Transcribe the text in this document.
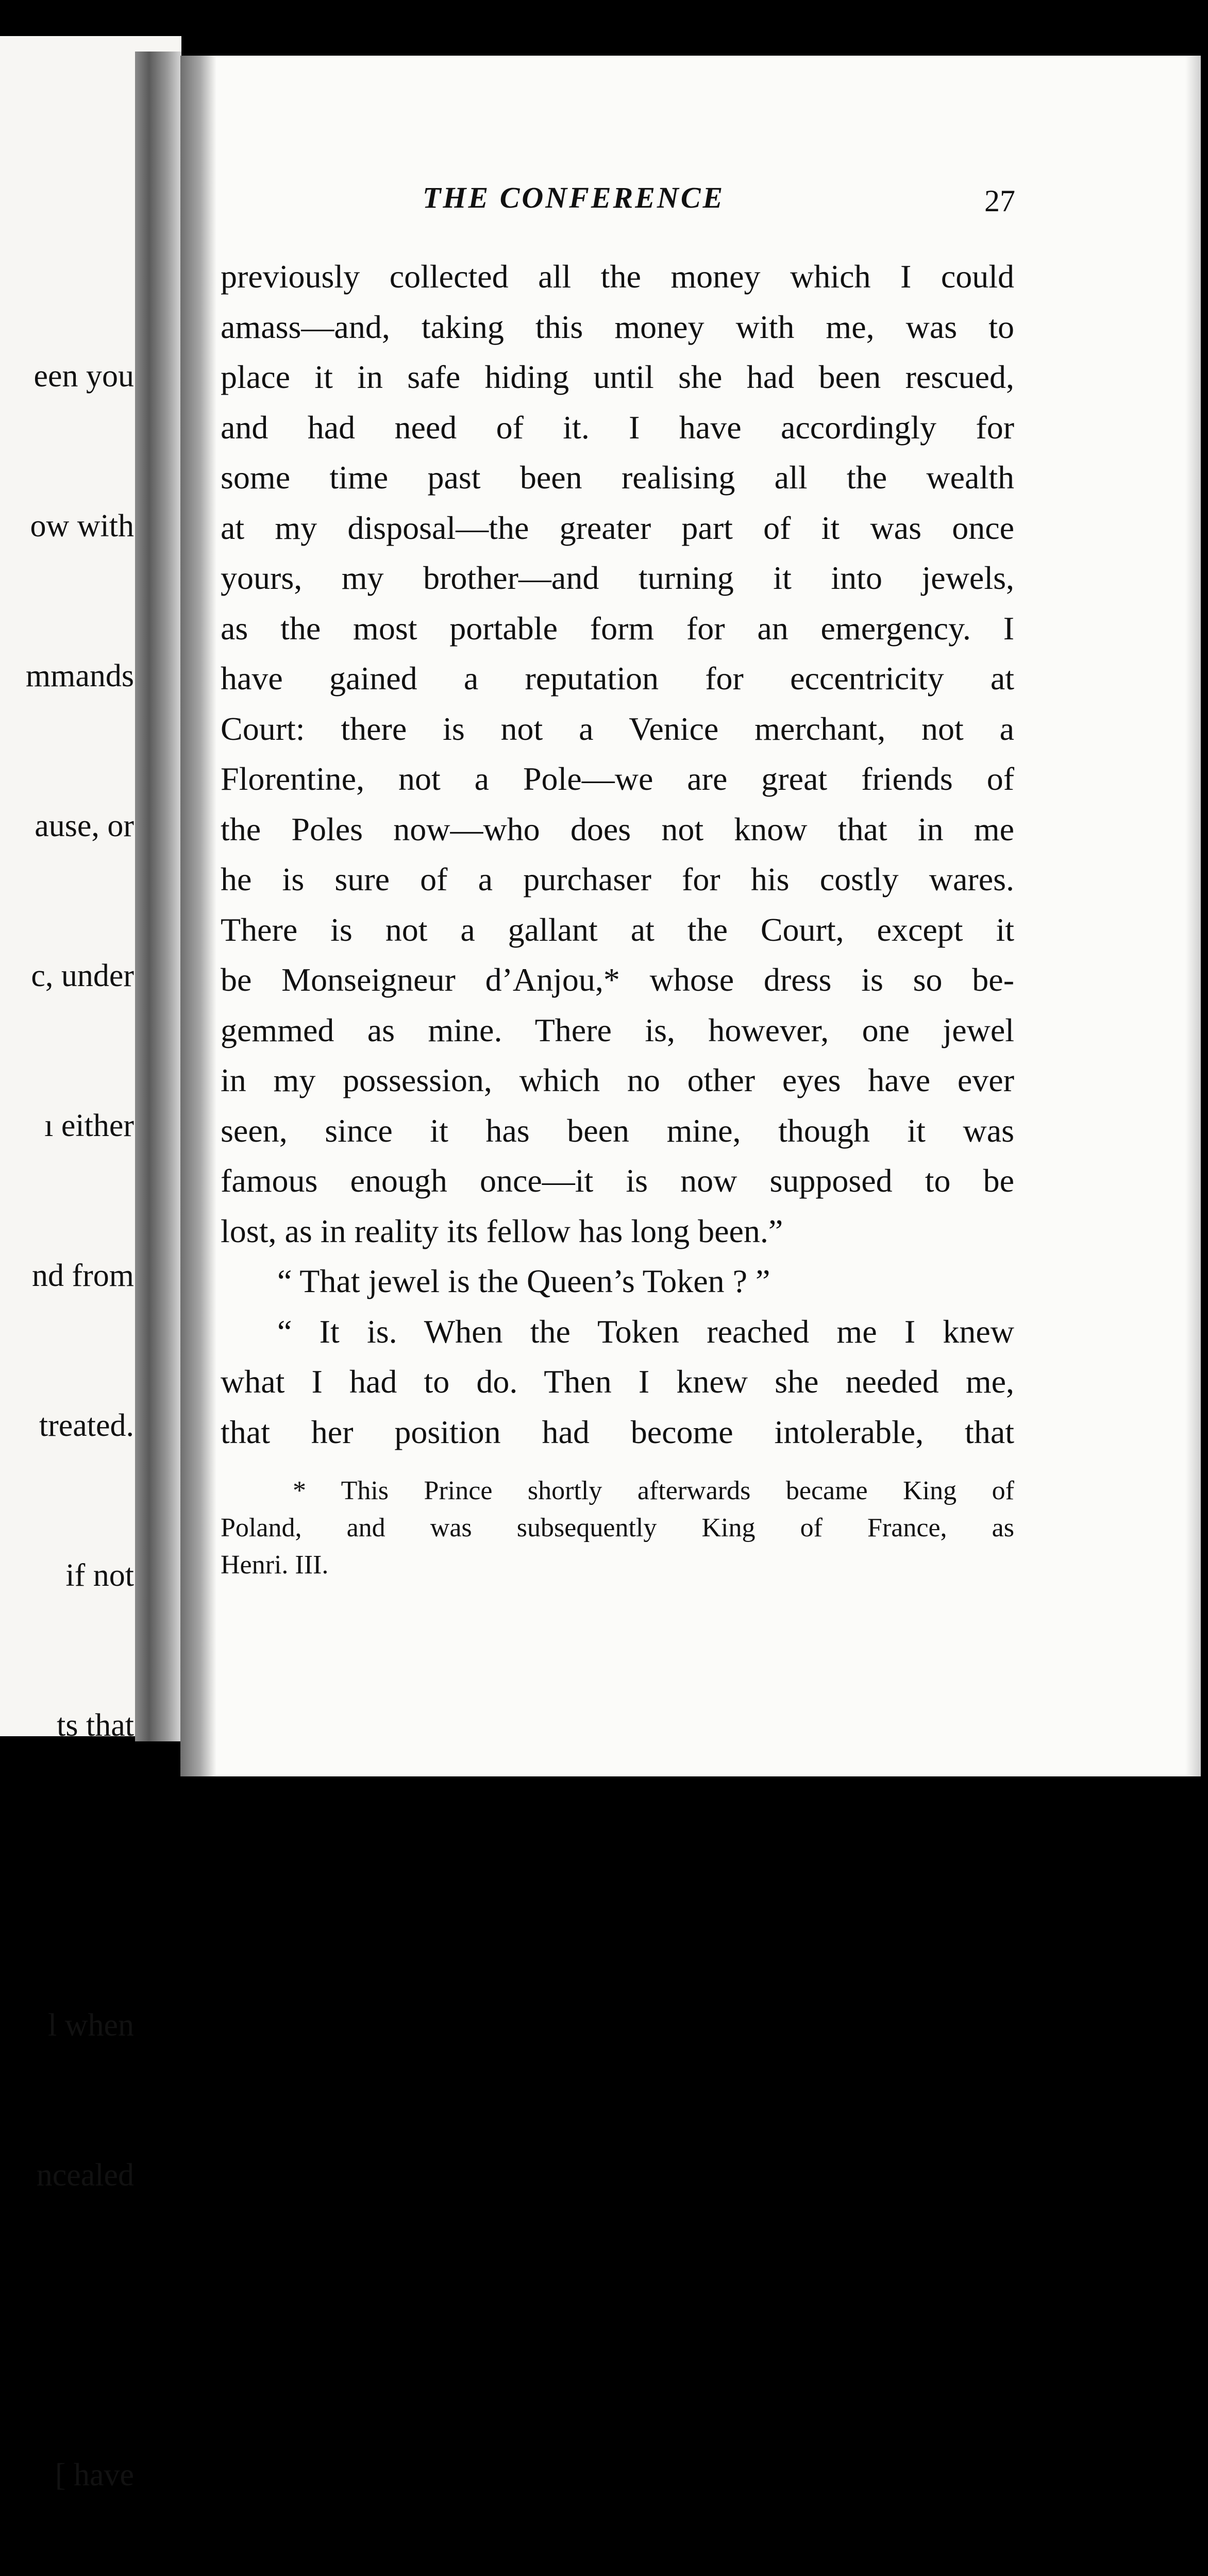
een you

ow with

mmands

ause, or

c, under

ı either

nd from

treated.

if not

ts that

l when

ncealed

[ have

THE CONFERENCE	27
previously collected all the money which I could
amass—and, taking this money with me, was to
place it in safe hiding until she had been rescued,
and had need of it. I have accordingly for
some time past been realising all the wealth
at my disposal—the greater part of it was once
yours, my brother—and turning it into jewels,
as the most portable form for an emergency. I
have gained a reputation for eccentricity at
Court: there is not a Venice merchant, not a
Florentine, not a Pole—we are great friends of
the Poles now—who does not know that in me
he is sure of a purchaser for his costly wares.
There is not a gallant at the Court, except it
be Monseigneur d’Anjou,* whose dress is so be-
gemmed as mine. There is, however, one jewel
in my possession, which no other eyes have ever
seen, since it has been mine, though it was
famous enough once—it is now supposed to be
lost, as in reality its fellow has long been.”
“ That jewel is the Queen’s Token ? ”
“ It is. When the Token reached me I knew
what I had to do. Then I knew she needed me,
that her position had become intolerable, that
* This Prince shortly afterwards became King of
Poland, and was subsequently King of France, as
Henri. III.
